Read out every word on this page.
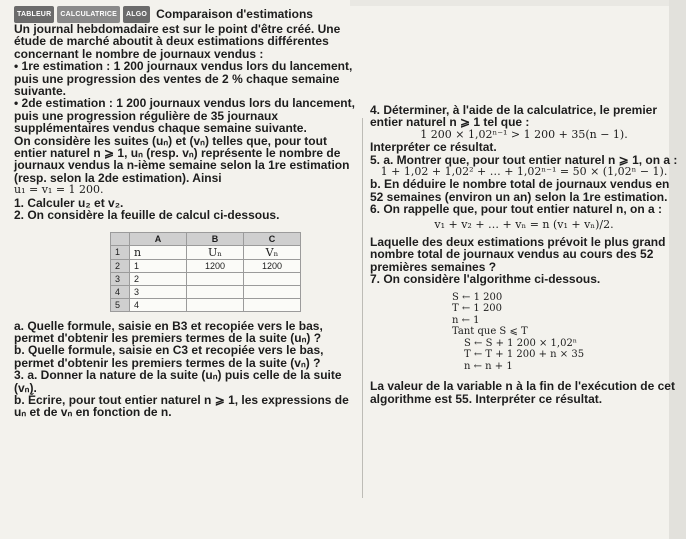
TABLEUR	CALCULATRICE	ALGO Comparaison d'estimations

Un journal hebdomadaire est sur le point d'être créé. Une étude de marché aboutit à deux estimations différentes concernant le nombre de journaux vendus :

• 1re estimation : 1 200 journaux vendus lors du lancement, puis une progression des ventes de 2 % chaque semaine suivante.

• 2de estimation : 1 200 journaux vendus lors du lancement, puis une progression régulière de 35 journaux supplémentaires vendus chaque semaine suivante.

On considère les suites (uₙ) et (vₙ) telles que, pour tout entier naturel n ⩾ 1, uₙ (resp. vₙ) représente le nombre de journaux vendus la n-ième semaine selon la 1re estimation (resp. selon la 2de estimation). Ainsi

u₁ = v₁ = 1 200.

1. Calculer u₂ et v₂.

2. On considère la feuille de calcul ci-dessous.

	A	B	C
1	n	Uₙ	Vₙ
2	1	1200	1200
3	2		
4	3		
5	4		

a. Quelle formule, saisie en B3 et recopiée vers le bas, permet d'obtenir les premiers termes de la suite (uₙ) ?

b. Quelle formule, saisie en C3 et recopiée vers le bas, permet d'obtenir les premiers termes de la suite (vₙ) ?

3. a. Donner la nature de la suite (uₙ) puis celle de la suite (vₙ).

b. Écrire, pour tout entier naturel n ⩾ 1, les expressions de uₙ et de vₙ en fonction de n.

4. Déterminer, à l'aide de la calculatrice, le premier entier naturel n ⩾ 1 tel que :

1 200 × 1,02ⁿ⁻¹ > 1 200 + 35(n − 1).

Interpréter ce résultat.

5. a. Montrer que, pour tout entier naturel n ⩾ 1, on a :

1 + 1,02 + 1,02² + … + 1,02ⁿ⁻¹ = 50 × (1,02ⁿ − 1).

b. En déduire le nombre total de journaux vendus en 52 semaines (environ un an) selon la 1re estimation.

6. On rappelle que, pour tout entier naturel n, on a :

v₁ + v₂ + … + vₙ = n (v₁ + vₙ)/2.

Laquelle des deux estimations prévoit le plus grand nombre total de journaux vendus au cours des 52 premières semaines ?

7. On considère l'algorithme ci-dessous.

S ← 1 200
T ← 1 200
n ← 1
Tant que S ⩽ T
S ← S + 1 200 × 1,02ⁿ
T ← T + 1 200 + n × 35
n ← n + 1

La valeur de la variable n à la fin de l'exécution de cet algorithme est 55. Interpréter ce résultat.
